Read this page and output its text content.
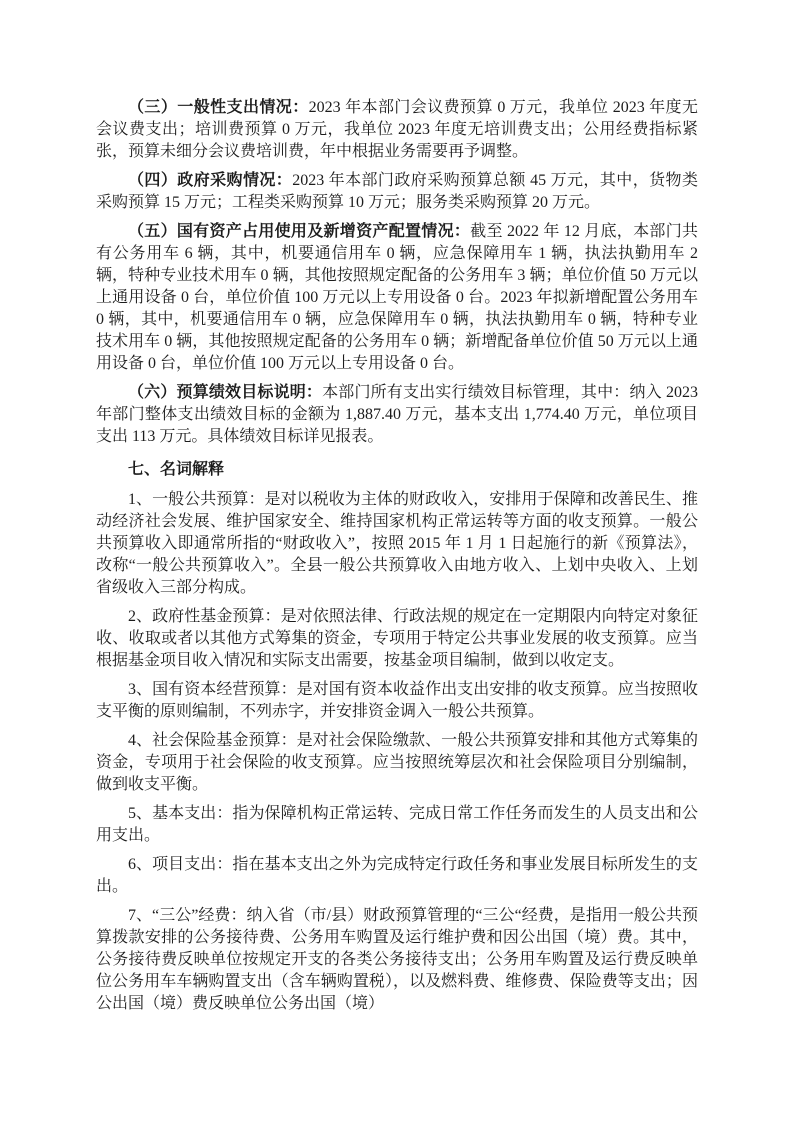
（三）一般性支出情况：2023 年本部门会议费预算 0 万元，我单位 2023 年度无会议费支出；培训费预算 0 万元，我单位 2023 年度无培训费支出；公用经费指标紧张，预算未细分会议费培训费，年中根据业务需要再予调整。

（四）政府采购情况：2023 年本部门政府采购预算总额 45 万元，其中，货物类采购预算 15 万元；工程类采购预算 10 万元；服务类采购预算 20 万元。

（五）国有资产占用使用及新增资产配置情况：截至 2022 年 12 月底，本部门共有公务用车 6 辆，其中，机要通信用车 0 辆，应急保障用车 1 辆，执法执勤用车 2 辆，特种专业技术用车 0 辆，其他按照规定配备的公务用车 3 辆；单位价值 50 万元以上通用设备 0 台，单位价值 100 万元以上专用设备 0 台。2023 年拟新增配置公务用车 0 辆，其中，机要通信用车 0 辆，应急保障用车 0 辆，执法执勤用车 0 辆，特种专业技术用车 0 辆，其他按照规定配备的公务用车 0 辆；新增配备单位价值 50 万元以上通用设备 0 台，单位价值 100 万元以上专用设备 0 台。

（六）预算绩效目标说明：本部门所有支出实行绩效目标管理，其中：纳入 2023 年部门整体支出绩效目标的金额为 1,887.40 万元，基本支出 1,774.40 万元，单位项目支出 113 万元。具体绩效目标详见报表。

七、名词解释

1、一般公共预算：是对以税收为主体的财政收入，安排用于保障和改善民生、推动经济社会发展、维护国家安全、维持国家机构正常运转等方面的收支预算。一般公共预算收入即通常所指的“财政收入”，按照 2015 年 1 月 1 日起施行的新《预算法》，改称“一般公共预算收入”。全县一般公共预算收入由地方收入、上划中央收入、上划省级收入三部分构成。

2、政府性基金预算：是对依照法律、行政法规的规定在一定期限内向特定对象征收、收取或者以其他方式筹集的资金，专项用于特定公共事业发展的收支预算。应当根据基金项目收入情况和实际支出需要，按基金项目编制，做到以收定支。

3、国有资本经营预算：是对国有资本收益作出支出安排的收支预算。应当按照收支平衡的原则编制，不列赤字，并安排资金调入一般公共预算。

4、社会保险基金预算：是对社会保险缴款、一般公共预算安排和其他方式筹集的资金，专项用于社会保险的收支预算。应当按照统筹层次和社会保险项目分别编制，做到收支平衡。

5、基本支出：指为保障机构正常运转、完成日常工作任务而发生的人员支出和公用支出。

6、项目支出：指在基本支出之外为完成特定行政任务和事业发展目标所发生的支出。

7、“三公”经费：纳入省（市/县）财政预算管理的“三公“经费，是指用一般公共预算拨款安排的公务接待费、公务用车购置及运行维护费和因公出国（境）费。其中，公务接待费反映单位按规定开支的各类公务接待支出；公务用车购置及运行费反映单位公务用车车辆购置支出（含车辆购置税），以及燃料费、维修费、保险费等支出；因公出国（境）费反映单位公务出国（境）
